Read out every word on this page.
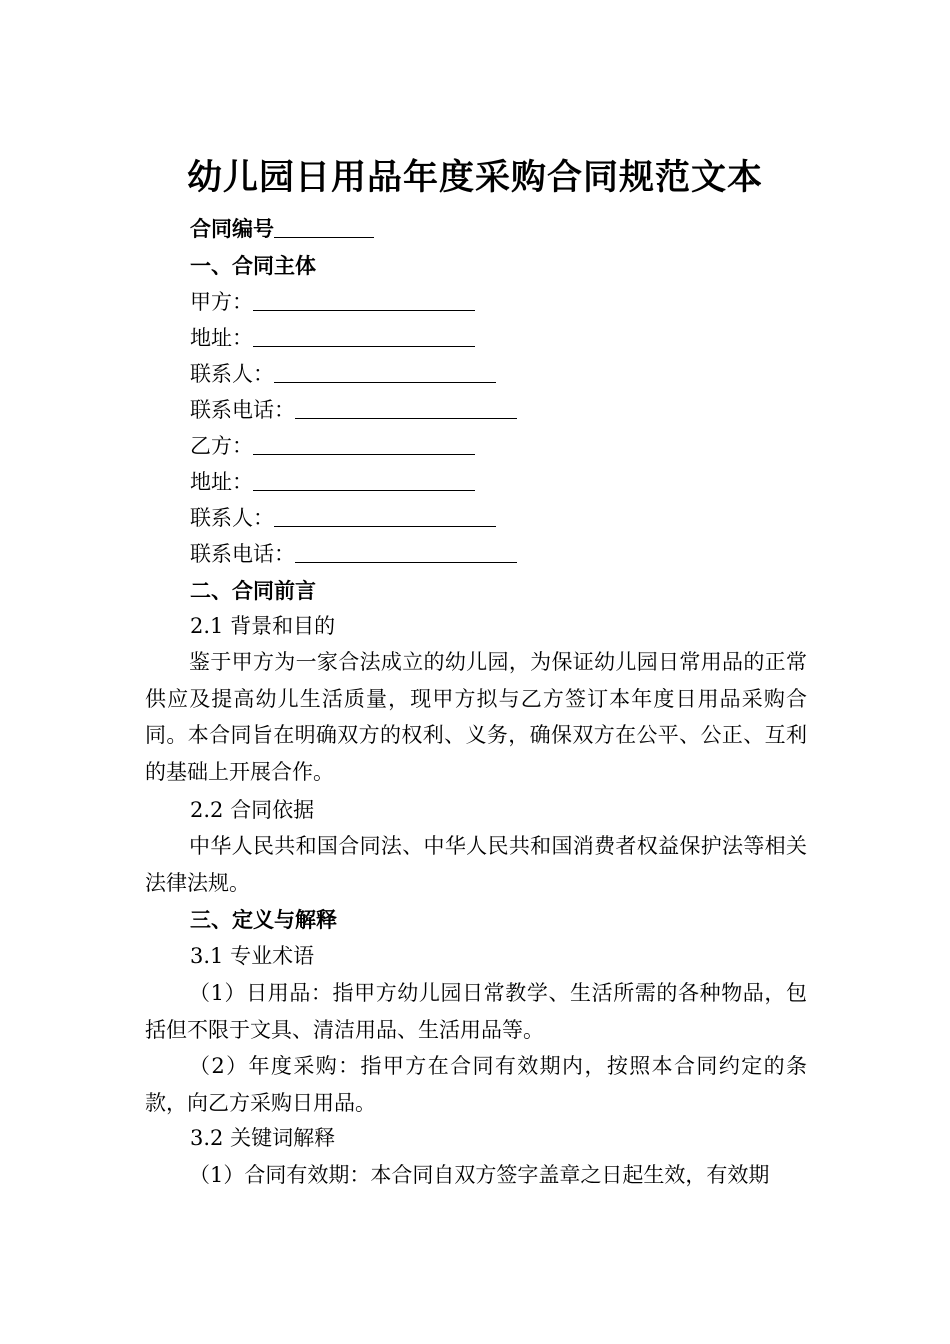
幼儿园日用品年度采购合同规范文本
合同编号
一、合同主体
甲方：
地址：
联系人：
联系电话：
乙方：
地址：
联系人：
联系电话：
二、合同前言
2.1 背景和目的

鉴于甲方为一家合法成立的幼儿园，为保证幼儿园日常用品的正常供应及提高幼儿生活质量，现甲方拟与乙方签订本年度日用品采购合同。本合同旨在明确双方的权利、义务，确保双方在公平、公正、互利的基础上开展合作。

2.2 合同依据

中华人民共和国合同法、中华人民共和国消费者权益保护法等相关法律法规。

三、定义与解释
3.1 专业术语

（1）日用品：指甲方幼儿园日常教学、生活所需的各种物品，包括但不限于文具、清洁用品、生活用品等。

（2）年度采购：指甲方在合同有效期内，按照本合同约定的条款，向乙方采购日用品。

3.2 关键词解释

（1）合同有效期：本合同自双方签字盖章之日起生效，有效期
